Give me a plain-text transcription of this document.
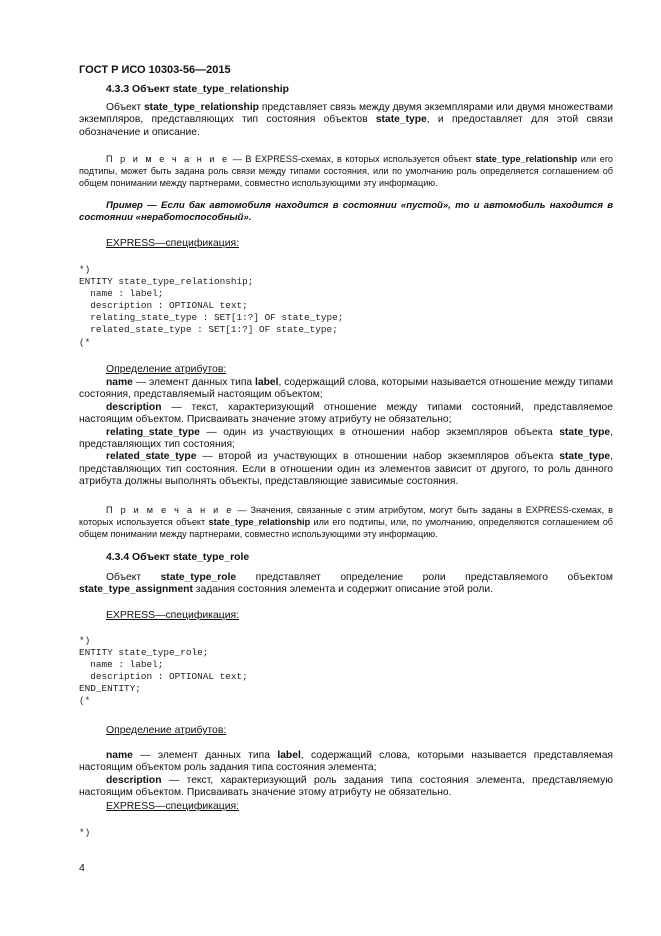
ГОСТ Р ИСО 10303-56—2015
4.3.3 Объект state_type_relationship
Объект state_type_relationship представляет связь между двумя экземплярами или двумя множествами экземпляров, представляющих тип состояния объектов state_type, и предоставляет для этой связи обозначение и описание.
П р и м е ч а н и е — В EXPRESS-схемах, в которых используется объект state_type_relationship или его подтипы, может быть задана роль связи между типами состояния, или по умолчанию роль определяется соглашением об общем понимании между партнерами, совместно использующими эту информацию.
Пример — Если бак автомобиля находится в состоянии «пустой», то и автомобиль находится в состоянии «неработоспособный».
EXPRESS—спецификация:
*)
ENTITY state_type_relationship;
name : label;
description : OPTIONAL text;
relating_state_type : SET[1:?] OF state_type;
related_state_type : SET[1:?] OF state_type;
(*
Определение атрибутов:
name — элемент данных типа label, содержащий слова, которыми называется отношение между типами состояния, представляемый настоящим объектом;
description — текст, характеризующий отношение между типами состояний, представляемое настоящим объектом. Присваивать значение этому атрибуту не обязательно;
relating_state_type — один из участвующих в отношении набор экземпляров объекта state_type, представляющих тип состояния;
related_state_type — второй из участвующих в отношении набор экземпляров объекта state_type, представляющих тип состояния. Если в отношении один из элементов зависит от другого, то роль данного атрибута должны выполнять объекты, представляющие зависимые состояния.
П р и м е ч а н и е — Значения, связанные с этим атрибутом, могут быть заданы в EXPRESS-схемах, в которых используется объект state_type_relationship или его подтипы, или, по умолчанию, определяются соглашением об общем понимании между партнерами, совместно использующими эту информацию.
4.3.4 Объект state_type_role
Объект state_type_role представляет определение роли представляемого объектом state_type_assignment задания состояния элемента и содержит описание этой роли.
EXPRESS—спецификация:
*)
ENTITY state_type_role;
name : label;
description : OPTIONAL text;
END_ENTITY;
(*
Определение атрибутов:
name — элемент данных типа label, содержащий слова, которыми называется представляемая настоящим объектом роль задания типа состояния элемента;
description — текст, характеризующий роль задания типа состояния элемента, представляемую настоящим объектом. Присваивать значение этому атрибуту не обязательно.
EXPRESS—спецификация:
*)
4
